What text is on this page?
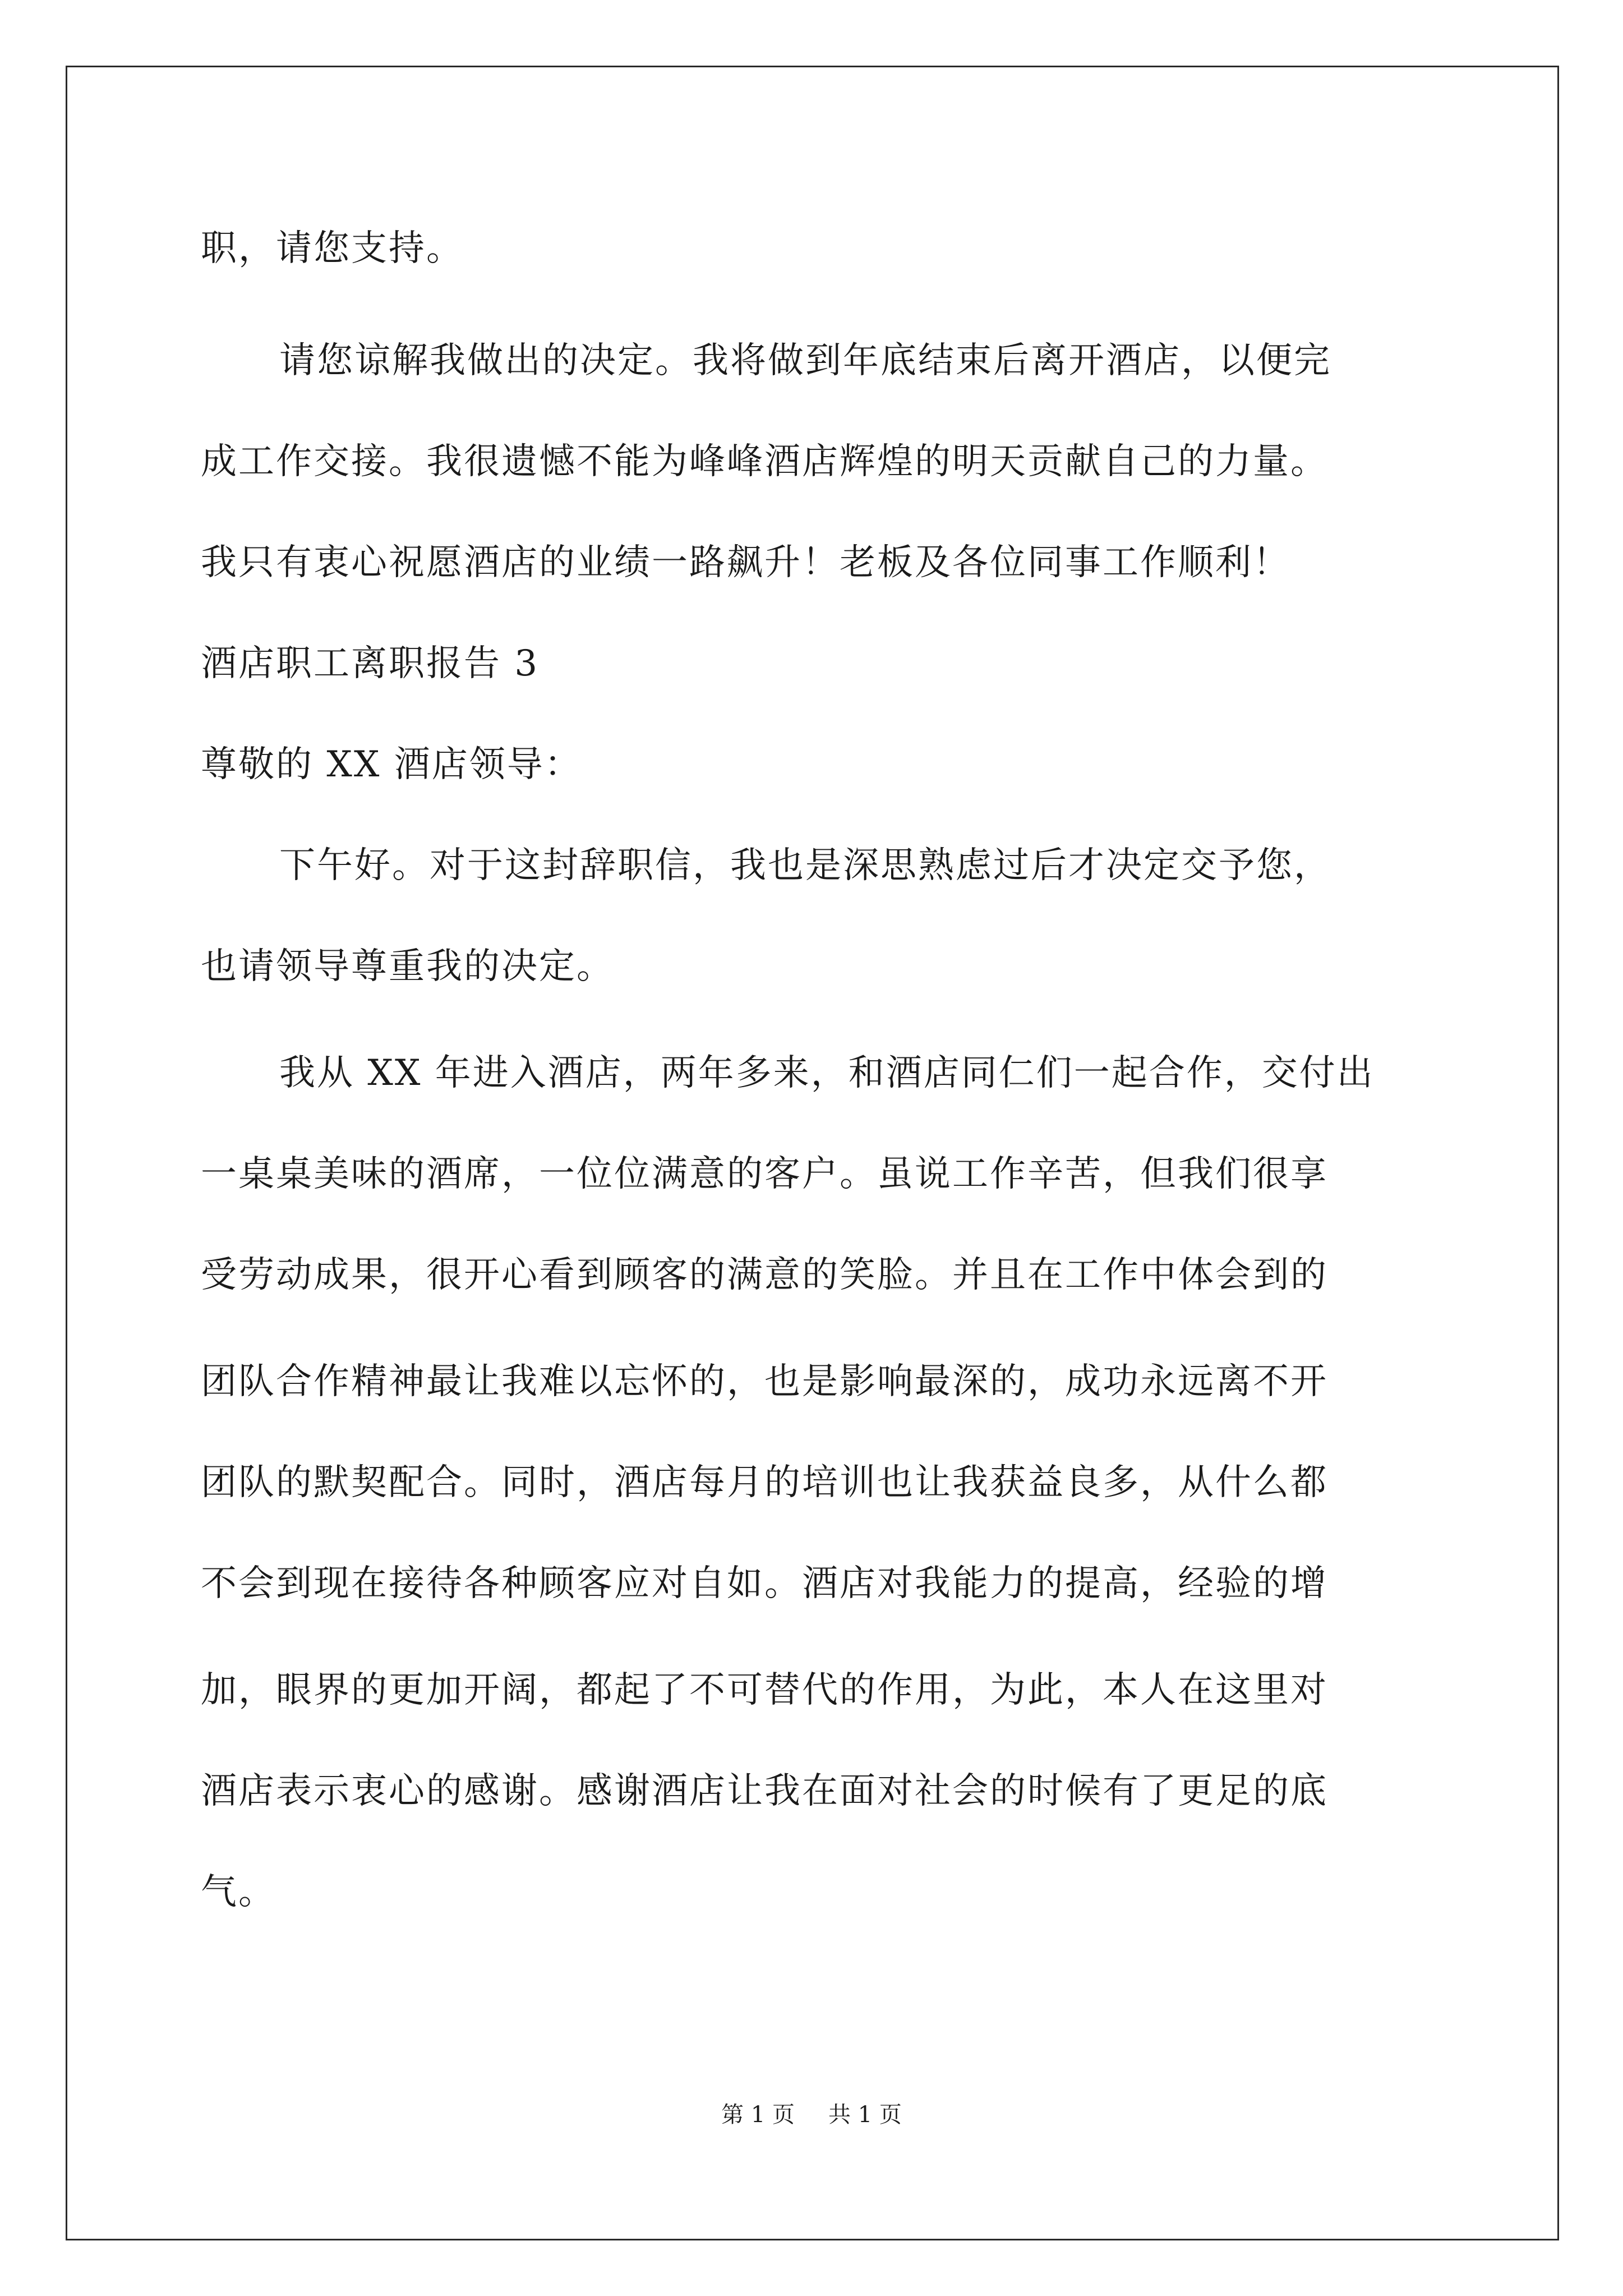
职，请您支持。
请您谅解我做出的决定。我将做到年底结束后离开酒店，以便完
成工作交接。我很遗憾不能为峰峰酒店辉煌的明天贡献自己的力量。
我只有衷心祝愿酒店的业绩一路飙升！老板及各位同事工作顺利！
酒店职工离职报告 3
尊敬的 XX 酒店领导：
下午好。对于这封辞职信，我也是深思熟虑过后才决定交予您，
也请领导尊重我的决定。
我从 XX 年进入酒店，两年多来，和酒店同仁们一起合作，交付出
一桌桌美味的酒席，一位位满意的客户。虽说工作辛苦，但我们很享
受劳动成果，很开心看到顾客的满意的笑脸。并且在工作中体会到的
团队合作精神最让我难以忘怀的，也是影响最深的，成功永远离不开
团队的默契配合。同时，酒店每月的培训也让我获益良多，从什么都
不会到现在接待各种顾客应对自如。酒店对我能力的提高，经验的增
加，眼界的更加开阔，都起了不可替代的作用，为此，本人在这里对
酒店表示衷心的感谢。感谢酒店让我在面对社会的时候有了更足的底
气。
第 1 页 共 1 页
